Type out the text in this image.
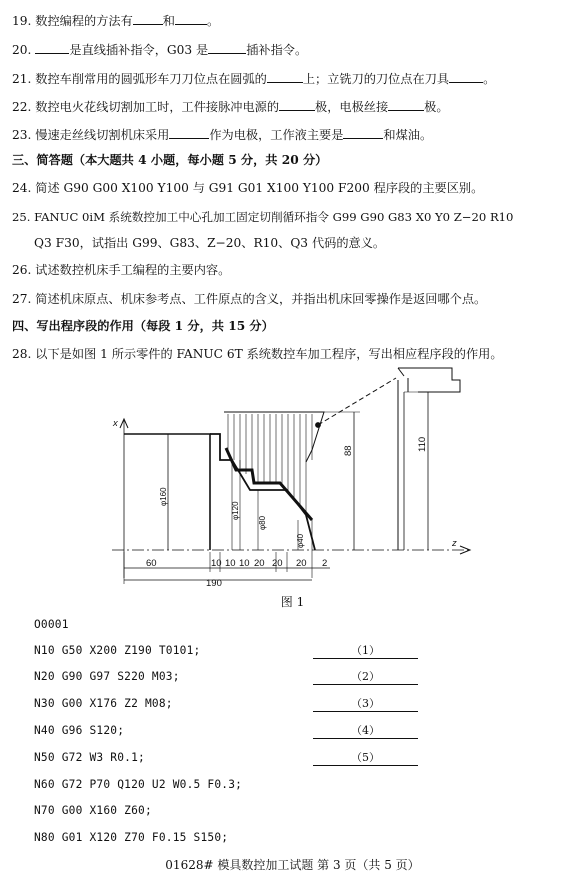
19. 数控编程的方法有 和	。
20.	是直线插补指令，G03 是	插补指令。
21. 数控车削常用的圆弧形车刀刀位点在圆弧的	上；立铣刀的刀位点在刀具	。
22. 数控电火花线切割加工时，工件接脉冲电源的	极，电极丝接	极。
23. 慢速走丝线切割机床采用	作为电极，工作液主要是	和煤油。
三、简答题（本大题共 4 小题，每小题 5 分，共 20 分）
24. 简述 G90 G00 X100 Y100 与 G91 G01 X100 Y100 F200 程序段的主要区别。
25. FANUC 0iM 系统数控加工中心孔加工固定切削循环指令 G99 G90 G83 X0 Y0 Z−20 R10
Q3 F30，试指出 G99、G83、Z−20、R10、Q3 代码的意义。
26. 试述数控机床手工编程的主要内容。
27. 简述机床原点、机床参考点、工件原点的含义，并指出机床回零操作是返回哪个点。
四、写出程序段的作用（每段 1 分，共 15 分）
28. 以下是如图 1 所示零件的 FANUC 6T 系统数控车加工程序，写出相应程序段的作用。
x
z
88	110
φ160
φ120
φ80
φ40
60	10 10 10 20 20 20 2
190
图 1
O0001
N10 G50 X200 Z190 T0101;	（1）
N20 G90 G97 S220 M03;	（2）
N30 G00 X176 Z2 M08;	（3）
N40 G96 S120;	（4）
N50 G72 W3 R0.1;	（5）
N60 G72 P70 Q120 U2 W0.5 F0.3;
N70 G00 X160 Z60;
N80 G01 X120 Z70 F0.15 S150;
01628# 模具数控加工试题 第 3 页（共 5 页）
